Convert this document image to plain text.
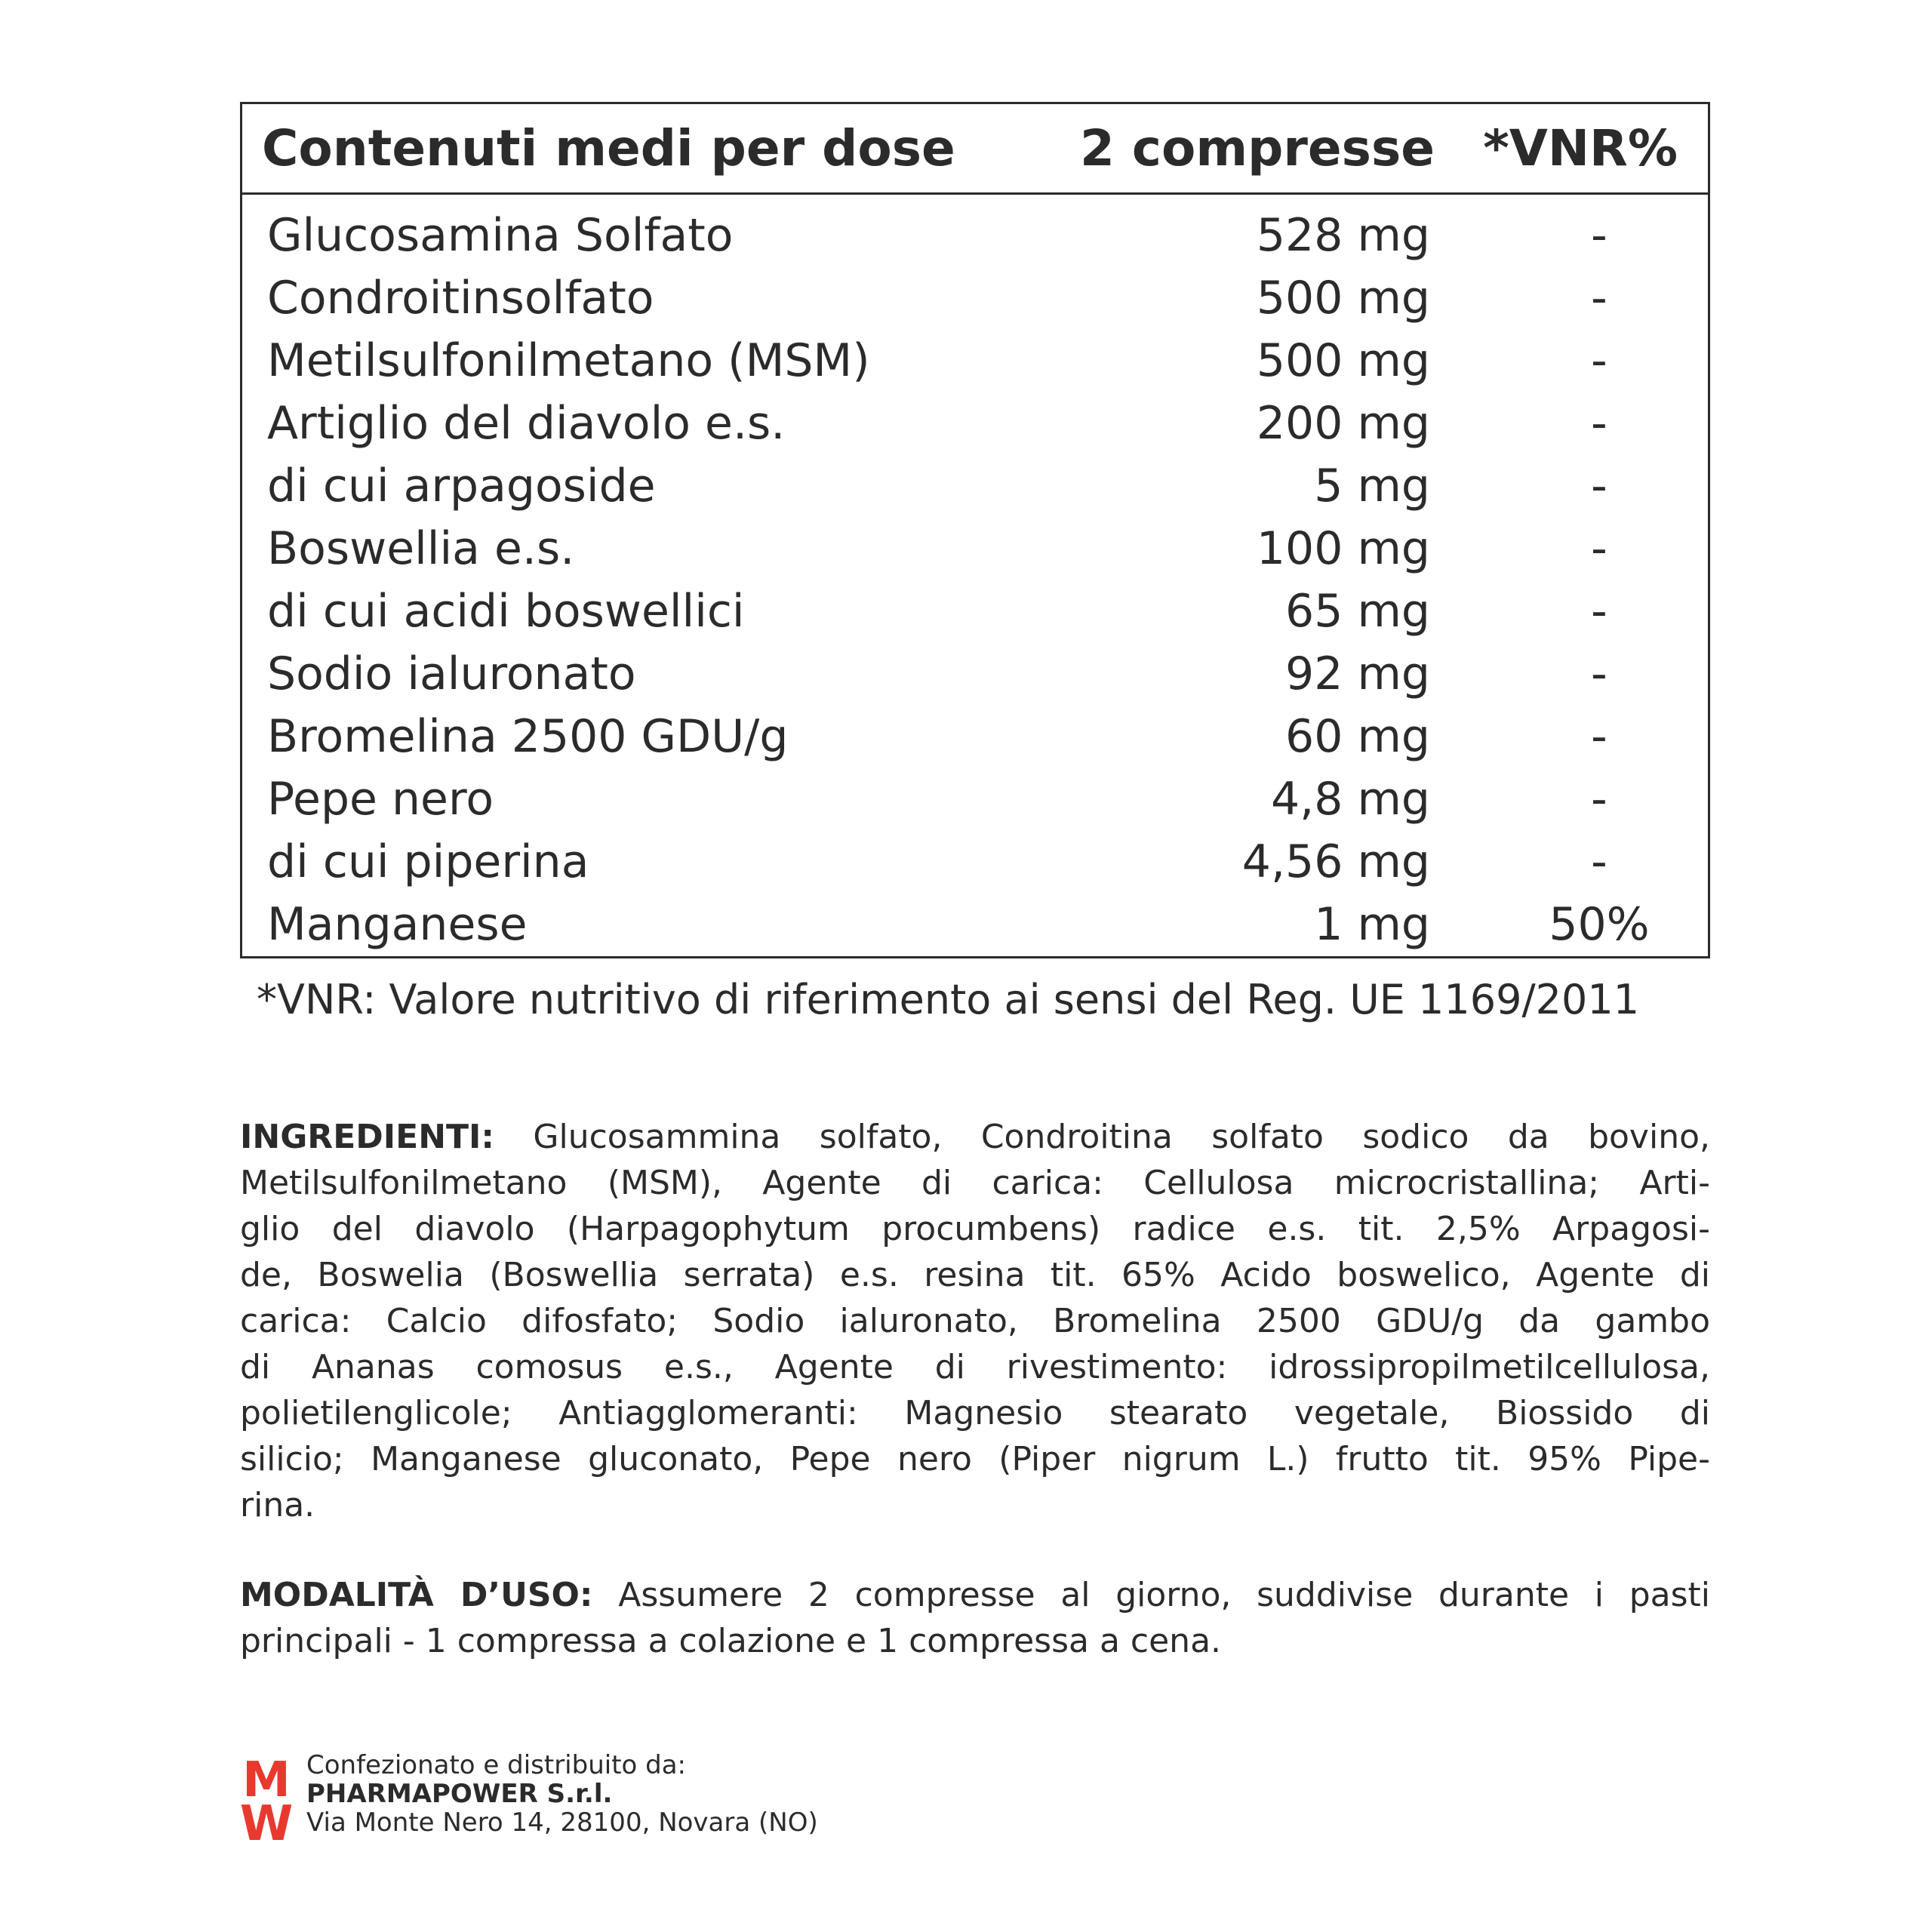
Contenuti medi per dose	2 compresse *VNR%
Glucosamina Solfato	528 mg	-
Condroitinsolfato	500 mg	-
Metilsulfonilmetano (MSM)	500 mg	-
Artiglio del diavolo e.s.	200 mg	-
di cui arpagoside	5 mg	-
Boswellia e.s.	100 mg	-
di cui acidi boswellici	65 mg	-
Sodio ialuronato	92 mg	-
Bromelina 2500 GDU/g	60 mg	-
Pepe nero	4,8 mg	-
di cui piperina	4,56 mg	-
Manganese	1 mg	50%
*VNR: Valore nutritivo di riferimento ai sensi del Reg. UE 1169/2011
INGREDIENTI: Glucosammina solfato, Condroitina solfato sodico da bovino,
Metilsulfonilmetano (MSM), Agente di carica: Cellulosa microcristallina; Arti-
glio del diavolo (Harpagophytum procumbens) radice e.s. tit. 2,5% Arpagosi-
de, Boswelia (Boswellia serrata) e.s. resina tit. 65% Acido boswelico, Agente di
carica: Calcio difosfato; Sodio ialuronato, Bromelina 2500 GDU/g da gambo
di Ananas comosus e.s., Agente di rivestimento: idrossipropilmetilcellulosa,
polietilenglicole; Antiagglomeranti: Magnesio stearato vegetale, Biossido di
silicio; Manganese gluconato, Pepe nero (Piper nigrum L.) frutto tit. 95% Pipe-
rina.
MODALITÀ D’USO: Assumere 2 compresse al giorno, suddivise durante i pasti
principali - 1 compressa a colazione e 1 compressa a cena.
M
W
Confezionato e distribuito da:
PHARMAPOWER S.r.l.
Via Monte Nero 14, 28100, Novara (NO)
